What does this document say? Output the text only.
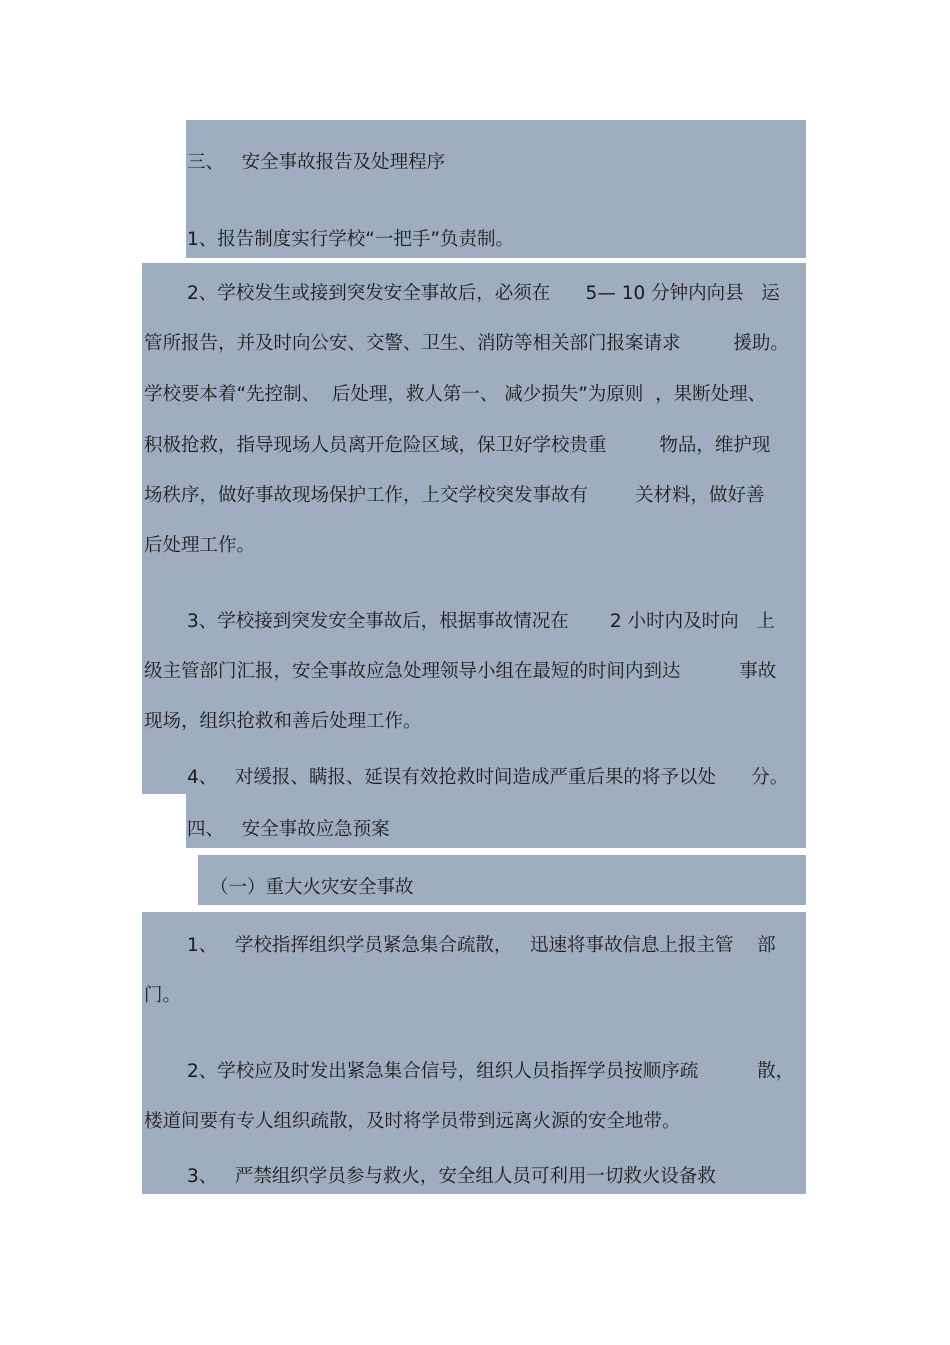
三、   安全事故报告及处理程序
1、报告制度实行学校“一把手”负责制。
2、学校发生或接到突发安全事故后，必须在      5— 10 分钟内向县   运
管所报告，并及时向公安、交警、卫生、消防等相关部门报案请求         援助。
学校要本着“先控制、  后处理，救人第一、 减少损失”为原则  ，果断处理、
积极抢救，指导现场人员离开危险区域，保卫好学校贵重         物品，维护现
场秩序，做好事故现场保护工作，上交学校突发事故有        关材料，做好善
后处理工作。
3、学校接到突发安全事故后，根据事故情况在       2 小时内及时向   上
级主管部门汇报，安全事故应急处理领导小组在最短的时间内到达          事故
现场，组织抢救和善后处理工作。
4、   对缓报、瞒报、延误有效抢救时间造成严重后果的将予以处      分。
四、   安全事故应急预案
（一）重大火灾安全事故
1、   学校指挥组织学员紧急集合疏散，   迅速将事故信息上报主管    部
门。
2、学校应及时发出紧急集合信号，组织人员指挥学员按顺序疏          散，
楼道间要有专人组织疏散，及时将学员带到远离火源的安全地带。
3、   严禁组织学员参与救火，安全组人员可利用一切救火设备救
